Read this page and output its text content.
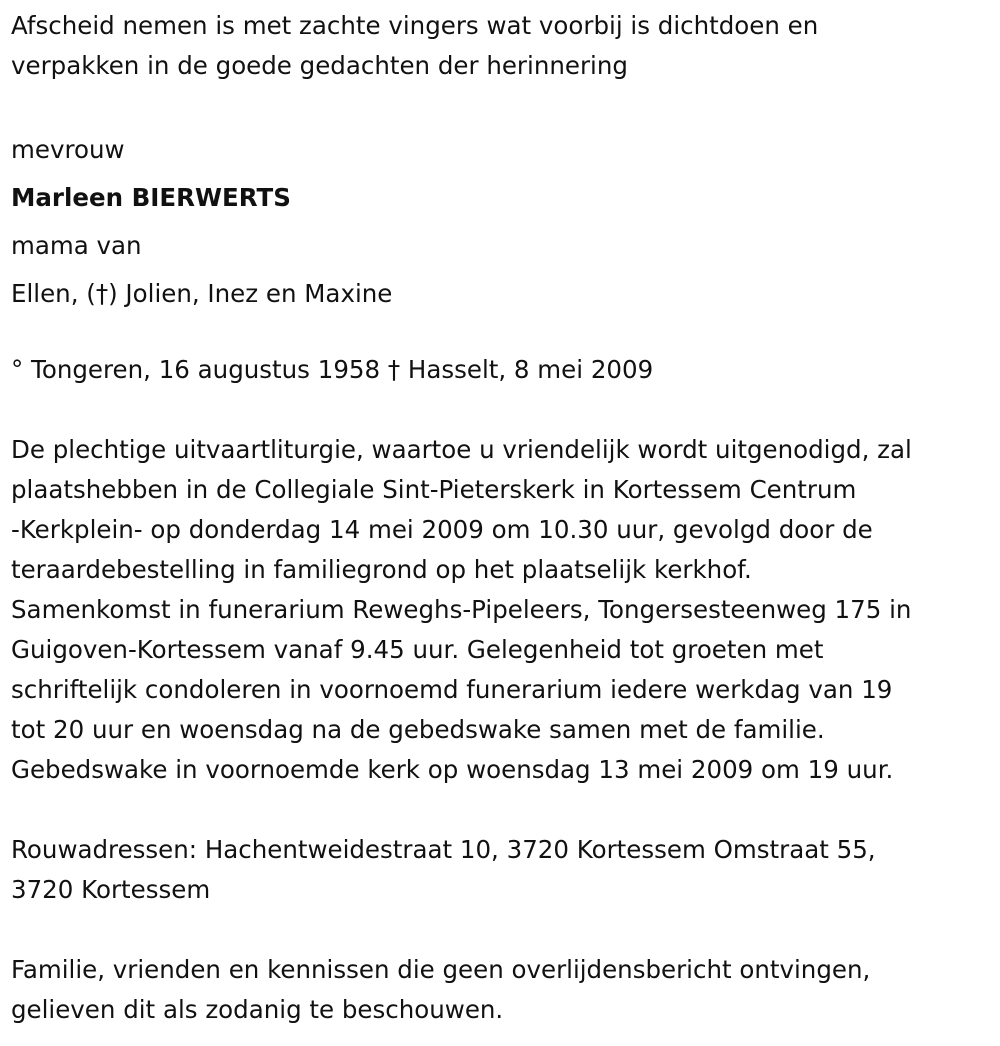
Afscheid nemen is met zachte vingers wat voorbij is dichtdoen en
verpakken in de goede gedachten der herinnering
mevrouw
Marleen BIERWERTS
mama van
Ellen, (†) Jolien, Inez en Maxine
° Tongeren, 16 augustus 1958 † Hasselt, 8 mei 2009
De plechtige uitvaartliturgie, waartoe u vriendelijk wordt uitgenodigd, zal
plaatshebben in de Collegiale Sint-Pieterskerk in Kortessem Centrum
-Kerkplein- op donderdag 14 mei 2009 om 10.30 uur, gevolgd door de
teraardebestelling in familiegrond op het plaatselijk kerkhof.
Samenkomst in funerarium Reweghs-Pipeleers, Tongersesteenweg 175 in
Guigoven-Kortessem vanaf 9.45 uur. Gelegenheid tot groeten met
schriftelijk condoleren in voornoemd funerarium iedere werkdag van 19
tot 20 uur en woensdag na de gebedswake samen met de familie.
Gebedswake in voornoemde kerk op woensdag 13 mei 2009 om 19 uur.
Rouwadressen: Hachentweidestraat 10, 3720 Kortessem Omstraat 55,
3720 Kortessem
Familie, vrienden en kennissen die geen overlijdensbericht ontvingen,
gelieven dit als zodanig te beschouwen.
